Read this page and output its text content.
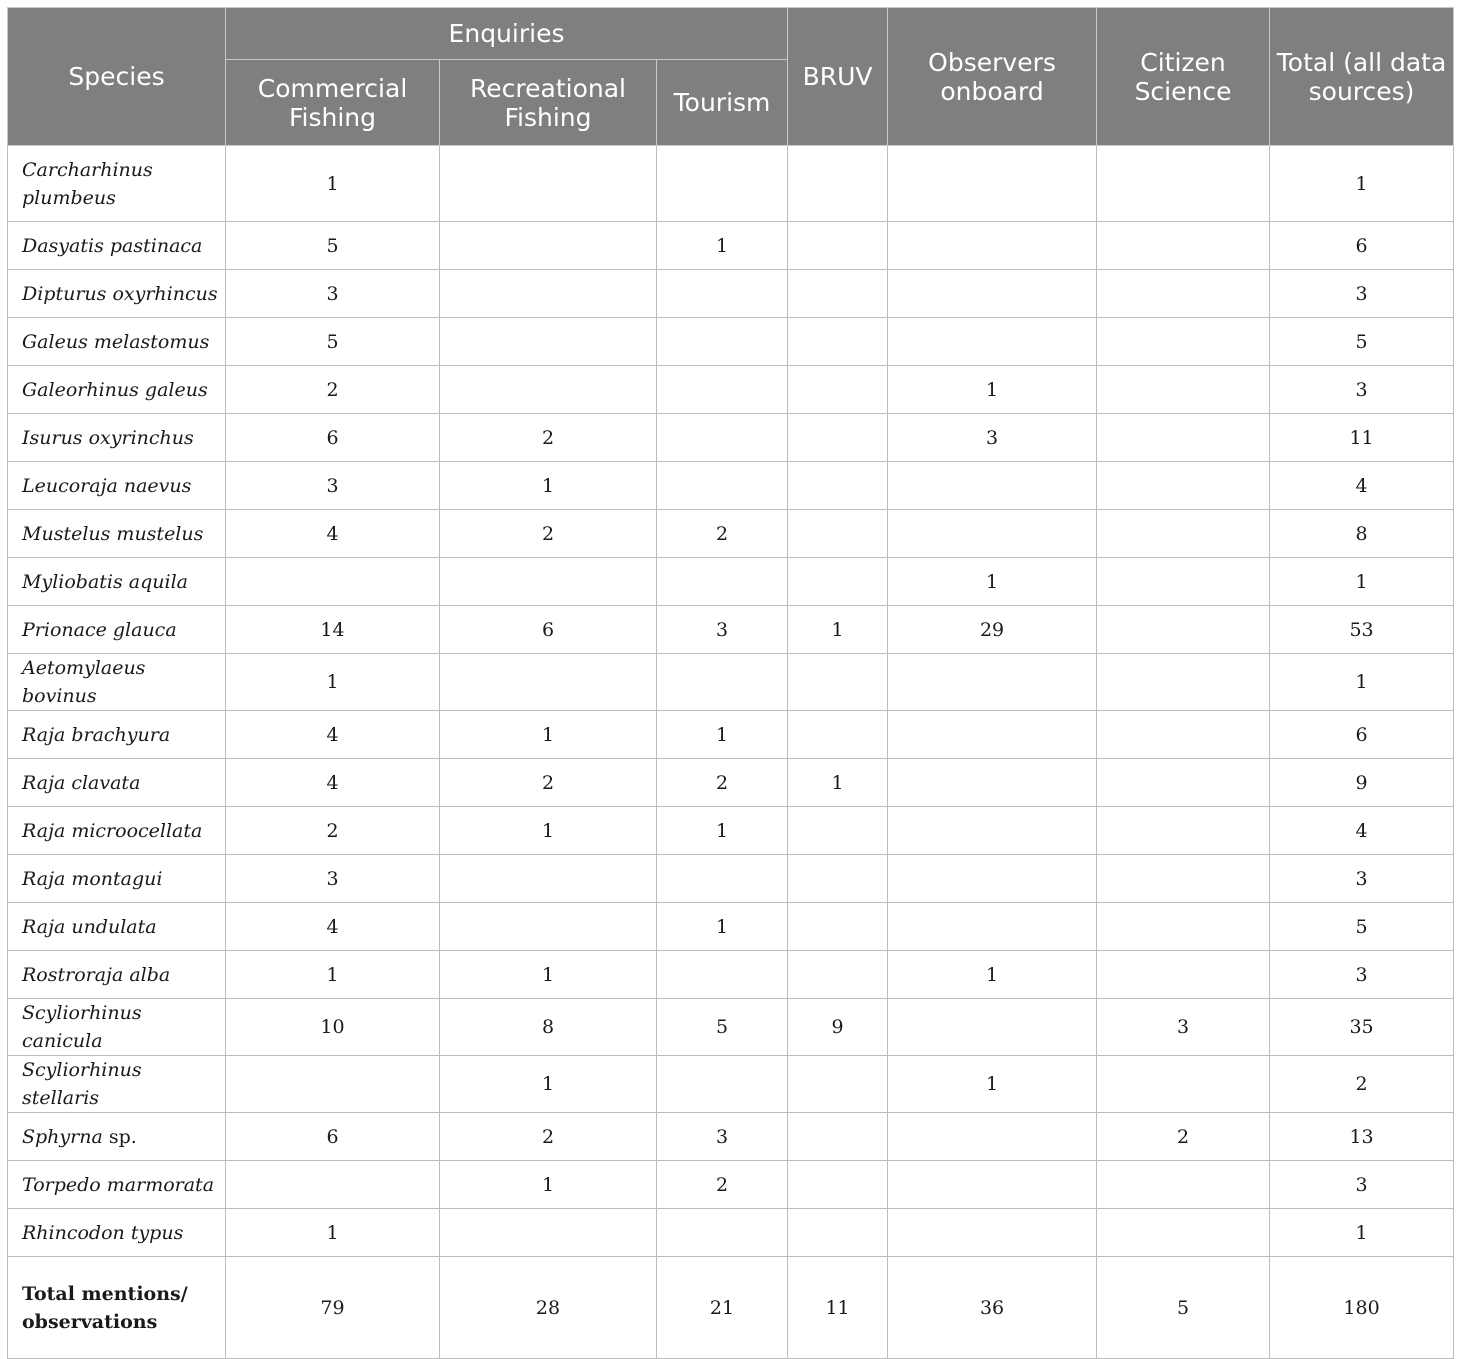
Species	Enquiries			BRUV	Observers onboard	Citizen Science	Total (all data sources)
	Commercial Fishing	Recreational Fishing	Tourism				
Carcharhinus plumbeus	1						1
Dasyatis pastinaca	5		1				6
Dipturus oxyrhincus	3						3
Galeus melastomus	5						5
Galeorhinus galeus	2				1		3
Isurus oxyrinchus	6	2			3		11
Leucoraja naevus	3	1					4
Mustelus mustelus	4	2	2				8
Myliobatis aquila					1		1
Prionace glauca	14	6	3	1	29		53
Aetomylaeus bovinus	1						1
Raja brachyura	4	1	1				6
Raja clavata	4	2	2	1			9
Raja microocellata	2	1	1				4
Raja montagui	3						3
Raja undulata	4		1				5
Rostroraja alba	1	1			1		3
Scyliorhinus canicula	10	8	5	9		3	35
Scyliorhinus stellaris		1			1		2
Sphyrna sp.	6	2	3			2	13
Torpedo marmorata		1	2				3
Rhincodon typus	1						1
Total mentions/ observations	79	28	21	11	36	5	180
